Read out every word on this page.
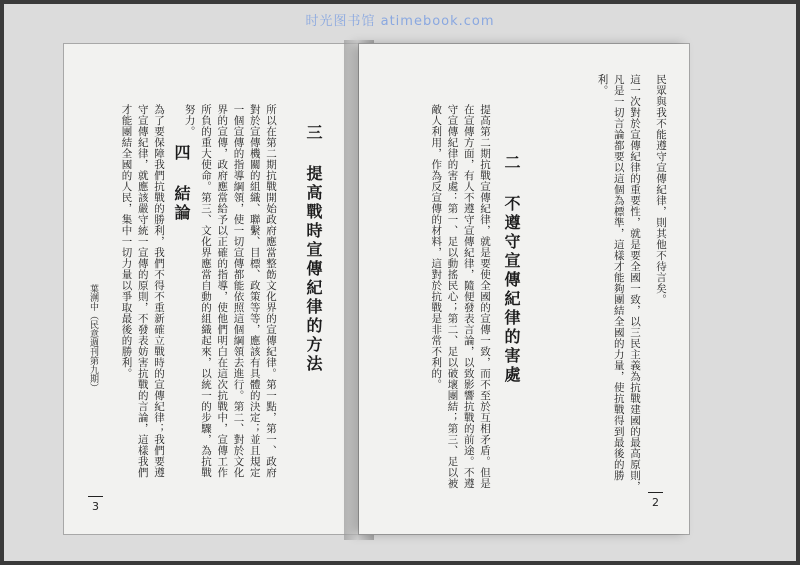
时光图书馆 atimebook.com
三 提高戰時宣傳紀律的方法
所以在第二期抗戰開始政府應當整飭文化界的宣傳紀律。第一點，第一、政府對於宣傳機關的組織、聯繫、目標、政策等等，應該有具體的決定；並且規定一個宣傳的指導綱領，使一切宣傳都能依照這個綱領去進行。第二、對於文化界的宣傳，政府應當給予以正確的指導，使他們明白在這次抗戰中，宣傳工作所負的重大使命。第三、文化界應當自動的組織起來，以統一的步驟，為抗戰努力。
四 結論
為了要保障我們抗戰的勝利，我們不得不重新確立戰時的宣傳紀律；我們要遵守宣傳紀律，就應該嚴守統一宣傳的原則，不發表妨害抗戰的言論，這樣我們才能團結全國的人民，集中一切力量以爭取最後的勝利。
葉溯中（民意週刊第九期）
3
民眾與我不能遵守宣傳紀律，則其他不待言矣。
這一次對於宣傳紀律的重要性，就是要全國一致，以三民主義為抗戰建國的最高原則，凡是一切言論都要以這個為標準，這樣才能夠團結全國的力量，使抗戰得到最後的勝利。
二 不遵守宣傳紀律的害處
提高第二期抗戰宣傳紀律，就是要使全國的宣傳一致，而不至於互相矛盾。但是在宣傳方面，有人不遵守宣傳紀律，隨便發表言論，以致影響抗戰的前途。不遵守宣傳紀律的害處：第一、足以動搖民心；第二、足以破壞團結；第三、足以被敵人利用，作為反宣傳的材料，這對於抗戰是非常不利的。
2
